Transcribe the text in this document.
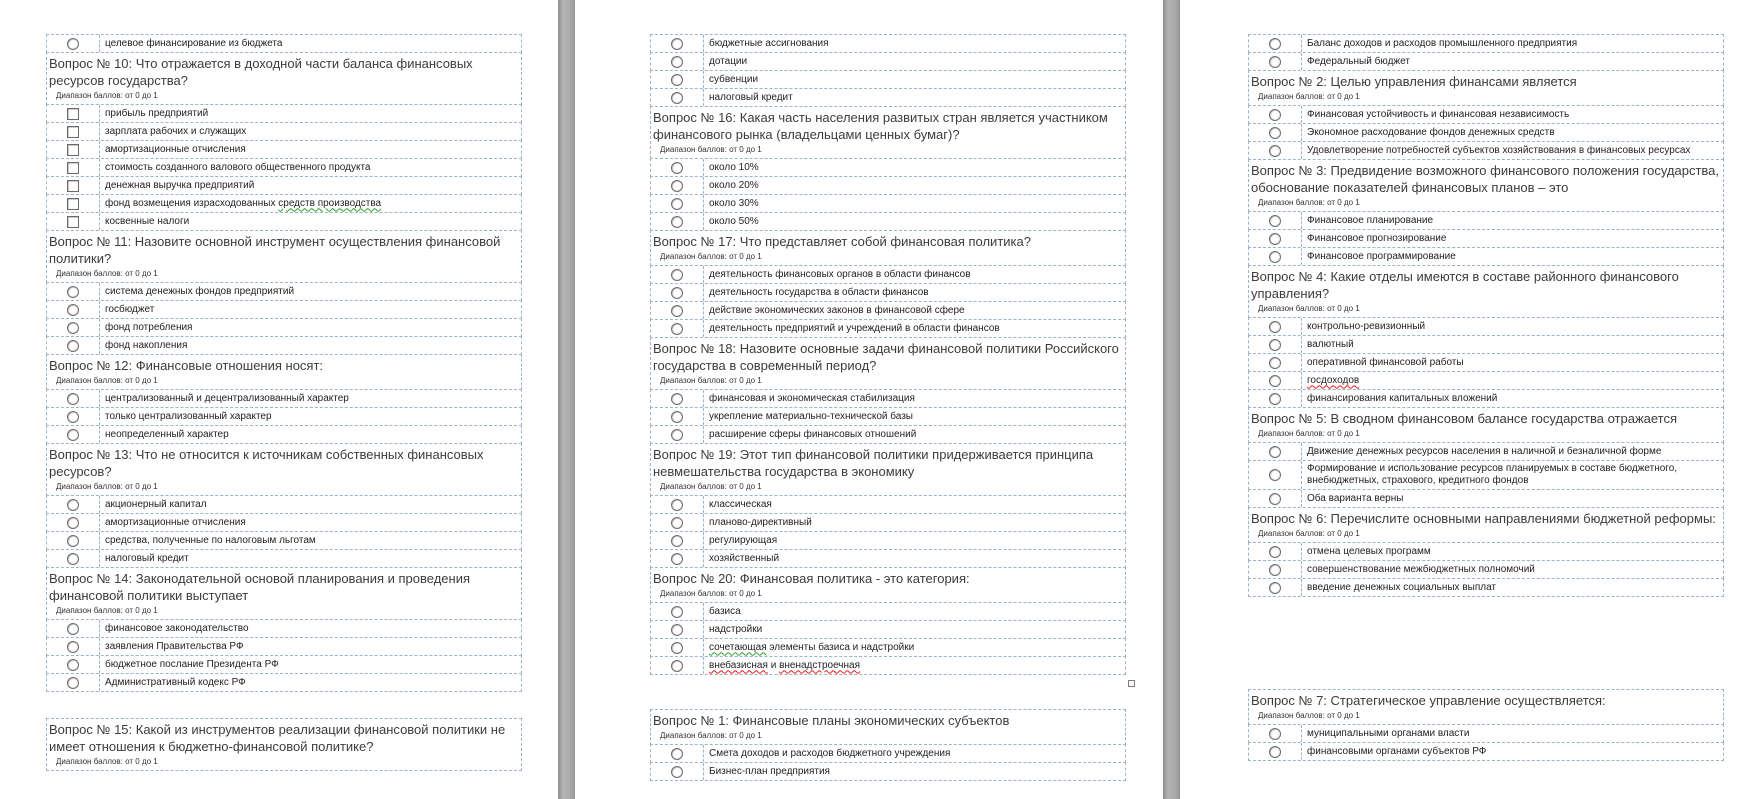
целевое финансирование из бюджета
Вопрос № 10: Что отражается в доходной части баланса финансовых ресурсов государства?
Диапазон баллов: от 0 до 1
прибыль предприятий
зарплата рабочих и служащих
амортизационные отчисления
стоимость созданного валового общественного продукта
денежная выручка предприятий
фонд возмещения израсходованных средств производства
косвенные налоги
Вопрос № 11: Назовите основной инструмент осуществления финансовой политики?
Диапазон баллов: от 0 до 1
система денежных фондов предприятий
госбюджет
фонд потребления
фонд накопления
Вопрос № 12: Финансовые отношения носят:
Диапазон баллов: от 0 до 1
централизованный и децентрализованный характер
только централизованный характер
неопределенный характер
Вопрос № 13: Что не относится к источникам собственных финансовых ресурсов?
Диапазон баллов: от 0 до 1
акционерный капитал
амортизационные отчисления
средства, полученные по налоговым льготам
налоговый кредит
Вопрос № 14: Законодательной основой планирования и проведения финансовой политики выступает
Диапазон баллов: от 0 до 1
финансовое законодательство
заявления Правительства РФ
бюджетное послание Президента РФ
Административный кодекс РФ
Вопрос № 15: Какой из инструментов реализации финансовой политики не имеет отношения к бюджетно-финансовой политике?
Диапазон баллов: от 0 до 1
бюджетные ассигнования
дотации
субвенции
налоговый кредит
Вопрос № 16: Какая часть населения развитых стран является участником финансового рынка (владельцами ценных бумаг)?
Диапазон баллов: от 0 до 1
около 10%
около 20%
около 30%
около 50%
Вопрос № 17: Что представляет собой финансовая политика?
Диапазон баллов: от 0 до 1
деятельность финансовых органов в области финансов
деятельность государства в области финансов
действие экономических законов в финансовой сфере
деятельность предприятий и учреждений в области финансов
Вопрос № 18: Назовите основные задачи финансовой политики Российского государства в современный период?
Диапазон баллов: от 0 до 1
финансовая и экономическая стабилизация
укрепление материально-технической базы
расширение сферы финансовых отношений
Вопрос № 19: Этот тип финансовой политики придерживается принципа невмешательства государства в экономику
Диапазон баллов: от 0 до 1
классическая
планово-директивный
регулирующая
хозяйственный
Вопрос № 20: Финансовая политика - это категория:
Диапазон баллов: от 0 до 1
базиса
надстройки
сочетающая элементы базиса и надстройки
внебазисная и вненадстроечная
Вопрос № 1: Финансовые планы экономических субъектов
Диапазон баллов: от 0 до 1
Смета доходов и расходов бюджетного учреждения
Бизнес-план предприятия
Баланс доходов и расходов промышленного предприятия
Федеральный бюджет
Вопрос № 2: Целью управления финансами является
Диапазон баллов: от 0 до 1
Финансовая устойчивость и финансовая независимость
Экономное расходование фондов денежных средств
Удовлетворение потребностей субъектов хозяйствования в финансовых ресурсах
Вопрос № 3: Предвидение возможного финансового положения государства, обоснование показателей финансовых планов – это
Диапазон баллов: от 0 до 1
Финансовое планирование
Финансовое прогнозирование
Финансовое программирование
Вопрос № 4: Какие отделы имеются в составе районного финансового управления?
Диапазон баллов: от 0 до 1
контрольно-ревизионный
валютный
оперативной финансовой работы
госдоходов
финансирования капитальных вложений
Вопрос № 5: В сводном финансовом балансе государства отражается
Диапазон баллов: от 0 до 1
Движение денежных ресурсов населения в наличной и безналичной форме
Формирование и использование ресурсов планируемых в составе бюджетного, внебюджетных, страхового, кредитного фондов
Оба варианта верны
Вопрос № 6: Перечислите основными направлениями бюджетной реформы:
Диапазон баллов: от 0 до 1
отмена целевых программ
совершенствование межбюджетных полномочий
введение денежных социальных выплат
Вопрос № 7: Стратегическое управление осуществляется:
Диапазон баллов: от 0 до 1
муниципальными органами власти
финансовыми органами субъектов РФ
